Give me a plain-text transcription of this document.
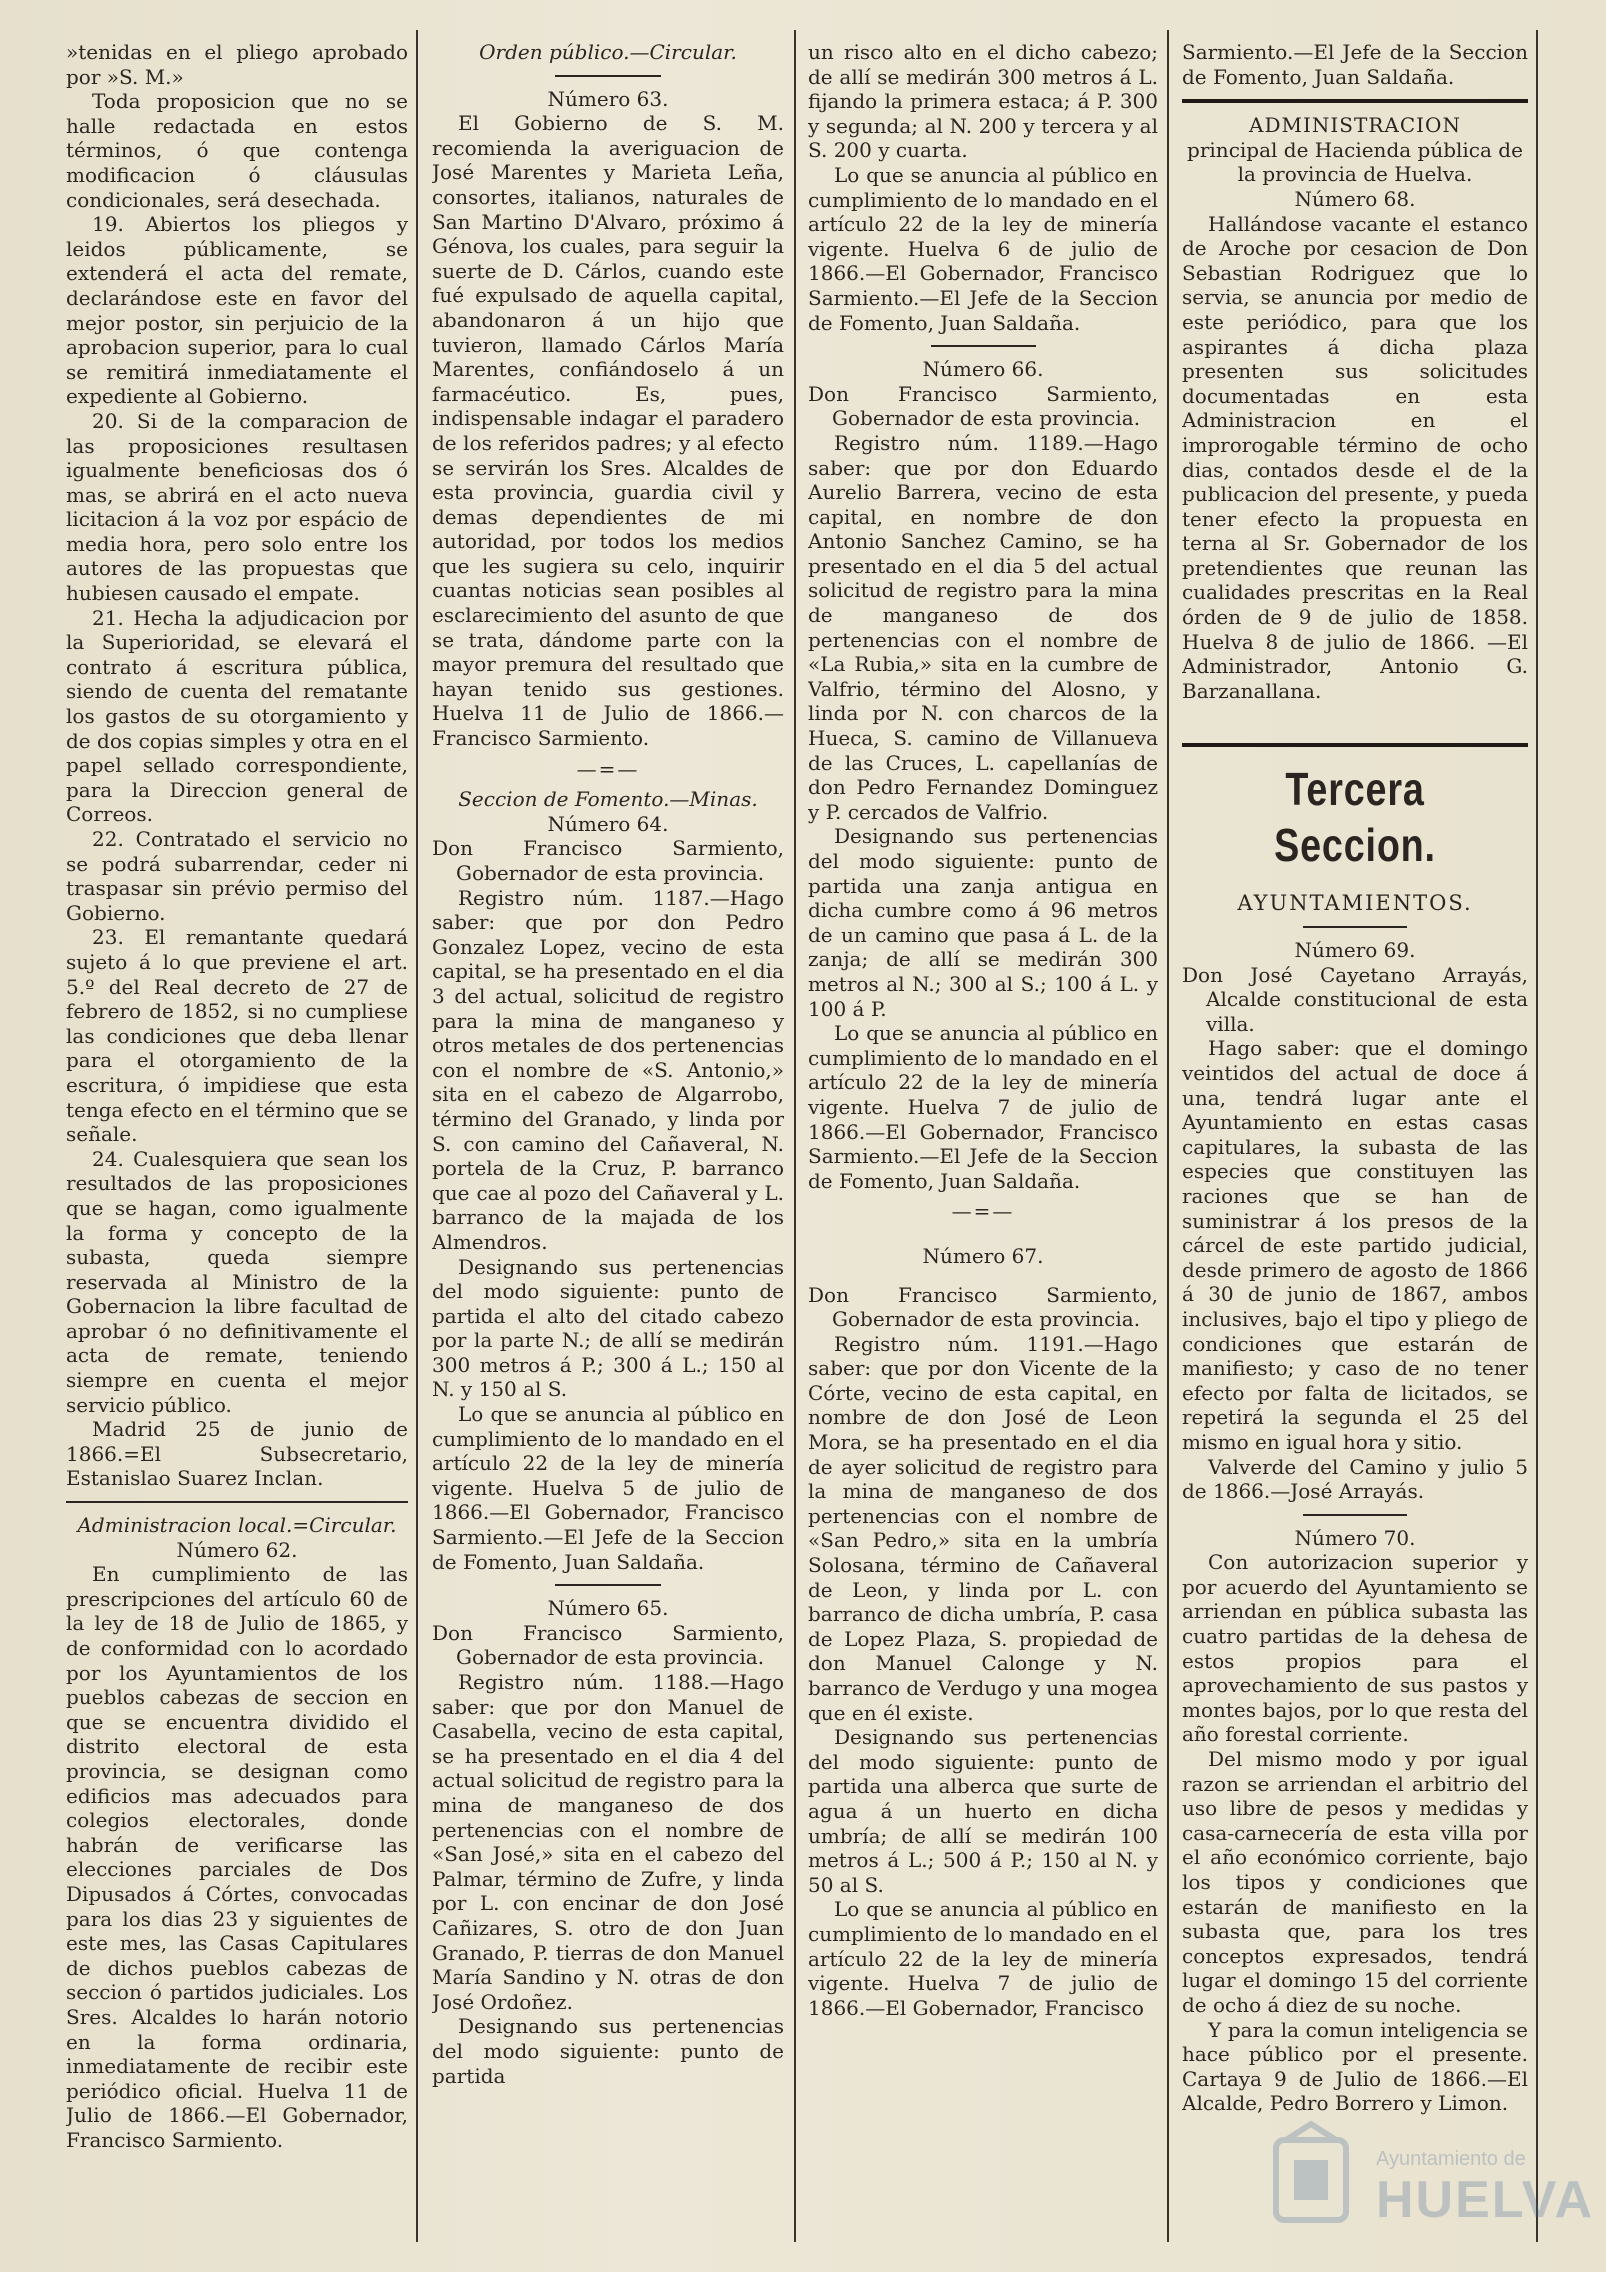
»tenidas en el pliego aprobado por »S. M.»

Toda proposicion que no se halle redactada en estos términos, ó que contenga modificacion ó cláusulas condicionales, será desechada.

19. Abiertos los pliegos y leidos públicamente, se extenderá el acta del remate, declarándose este en favor del mejor postor, sin perjuicio de la aprobacion superior, para lo cual se remitirá inmediatamente el expediente al Gobierno.

20. Si de la comparacion de las proposiciones resultasen igualmente beneficiosas dos ó mas, se abrirá en el acto nueva licitacion á la voz por espácio de media hora, pero solo entre los autores de las propuestas que hubiesen causado el empate.

21. Hecha la adjudicacion por la Superioridad, se elevará el contrato á escritura pública, siendo de cuenta del rematante los gastos de su otorgamiento y de dos copias simples y otra en el papel sellado correspondiente, para la Direccion general de Correos.

22. Contratado el servicio no se podrá subarrendar, ceder ni traspasar sin prévio permiso del Gobierno.

23. El remantante quedará sujeto á lo que previene el art. 5.º del Real decreto de 27 de febrero de 1852, si no cumpliese las condiciones que deba llenar para el otorgamiento de la escritura, ó impidiese que esta tenga efecto en el término que se señale.

24. Cualesquiera que sean los resultados de las proposiciones que se hagan, como igualmente la forma y concepto de la subasta, queda siempre reservada al Ministro de la Gobernacion la libre facultad de aprobar ó no definitivamente el acta de remate, teniendo siempre en cuenta el mejor servicio público.

Madrid 25 de junio de 1866.=El Subsecretario, Estanislao Suarez Inclan.

Administracion local.=Circular.

Número 62.

En cumplimiento de las prescripciones del artículo 60 de la ley de 18 de Julio de 1865, y de conformidad con lo acordado por los Ayuntamientos de los pueblos cabezas de seccion en que se encuentra dividido el distrito electoral de esta provincia, se designan como edificios mas adecuados para colegios electorales, donde habrán de verificarse las elecciones parciales de Dos Dipusados á Córtes, convocadas para los dias 23 y siguientes de este mes, las Casas Capitulares de dichos pueblos cabezas de seccion ó partidos judiciales. Los Sres. Alcaldes lo harán notorio en la forma ordinaria, inmediatamente de recibir este periódico oficial. Huelva 11 de Julio de 1866.—El Gobernador, Francisco Sarmiento.

Orden público.—Circular.

Número 63.

El Gobierno de S. M. recomienda la averiguacion de José Marentes y Marieta Leña, consortes, italianos, naturales de San Martino D'Alvaro, próximo á Génova, los cuales, para seguir la suerte de D. Cárlos, cuando este fué expulsado de aquella capital, abandonaron á un hijo que tuvieron, llamado Cárlos María Marentes, confiándoselo á un farmacéutico. Es, pues, indispensable indagar el paradero de los referidos padres; y al efecto se servirán los Sres. Alcaldes de esta provincia, guardia civil y demas dependientes de mi autoridad, por todos los medios que les sugiera su celo, inquirir cuantas noticias sean posibles al esclarecimiento del asunto de que se trata, dándome parte con la mayor premura del resultado que hayan tenido sus gestiones. Huelva 11 de Julio de 1866.—Francisco Sarmiento.

—=—

Seccion de Fomento.—Minas.

Número 64.

Don Francisco Sarmiento, Gobernador de esta provincia.

Registro núm. 1187.—Hago saber: que por don Pedro Gonzalez Lopez, vecino de esta capital, se ha presentado en el dia 3 del actual, solicitud de registro para la mina de manganeso y otros metales de dos pertenencias con el nombre de «S. Antonio,» sita en el cabezo de Algarrobo, término del Granado, y linda por S. con camino del Cañaveral, N. portela de la Cruz, P. barranco que cae al pozo del Cañaveral y L. barranco de la majada de los Almendros.

Designando sus pertenencias del modo siguiente: punto de partida el alto del citado cabezo por la parte N.; de allí se medirán 300 metros á P.; 300 á L.; 150 al N. y 150 al S.

Lo que se anuncia al público en cumplimiento de lo mandado en el artículo 22 de la ley de minería vigente. Huelva 5 de julio de 1866.—El Gobernador, Francisco Sarmiento.—El Jefe de la Seccion de Fomento, Juan Saldaña.

Número 65.

Don Francisco Sarmiento, Gobernador de esta provincia.

Registro núm. 1188.—Hago saber: que por don Manuel de Casabella, vecino de esta capital, se ha presentado en el dia 4 del actual solicitud de registro para la mina de manganeso de dos pertenencias con el nombre de «San José,» sita en el cabezo del Palmar, término de Zufre, y linda por L. con encinar de don José Cañizares, S. otro de don Juan Granado, P. tierras de don Manuel María Sandino y N. otras de don José Ordoñez.

Designando sus pertenencias del modo siguiente: punto de partida

un risco alto en el dicho cabezo; de allí se medirán 300 metros á L. fijando la primera estaca; á P. 300 y segunda; al N. 200 y tercera y al S. 200 y cuarta.

Lo que se anuncia al público en cumplimiento de lo mandado en el artículo 22 de la ley de minería vigente. Huelva 6 de julio de 1866.—El Gobernador, Francisco Sarmiento.—El Jefe de la Seccion de Fomento, Juan Saldaña.

Número 66.

Don Francisco Sarmiento, Gobernador de esta provincia.

Registro núm. 1189.—Hago saber: que por don Eduardo Aurelio Barrera, vecino de esta capital, en nombre de don Antonio Sanchez Camino, se ha presentado en el dia 5 del actual solicitud de registro para la mina de manganeso de dos pertenencias con el nombre de «La Rubia,» sita en la cumbre de Valfrio, término del Alosno, y linda por N. con charcos de la Hueca, S. camino de Villanueva de las Cruces, L. capellanías de don Pedro Fernandez Dominguez y P. cercados de Valfrio.

Designando sus pertenencias del modo siguiente: punto de partida una zanja antigua en dicha cumbre como á 96 metros de un camino que pasa á L. de la zanja; de allí se medirán 300 metros al N.; 300 al S.; 100 á L. y 100 á P.

Lo que se anuncia al público en cumplimiento de lo mandado en el artículo 22 de la ley de minería vigente. Huelva 7 de julio de 1866.—El Gobernador, Francisco Sarmiento.—El Jefe de la Seccion de Fomento, Juan Saldaña.

—=—

Número 67.

Don Francisco Sarmiento, Gobernador de esta provincia.

Registro núm. 1191.—Hago saber: que por don Vicente de la Córte, vecino de esta capital, en nombre de don José de Leon Mora, se ha presentado en el dia de ayer solicitud de registro para la mina de manganeso de dos pertenencias con el nombre de «San Pedro,» sita en la umbría Solosana, término de Cañaveral de Leon, y linda por L. con barranco de dicha umbría, P. casa de Lopez Plaza, S. propiedad de don Manuel Calonge y N. barranco de Verdugo y una mogea que en él existe.

Designando sus pertenencias del modo siguiente: punto de partida una alberca que surte de agua á un huerto en dicha umbría; de allí se medirán 100 metros á L.; 500 á P.; 150 al N. y 50 al S.

Lo que se anuncia al público en cumplimiento de lo mandado en el artículo 22 de la ley de minería vigente. Huelva 7 de julio de 1866.—El Gobernador, Francisco

Sarmiento.—El Jefe de la Seccion de Fomento, Juan Saldaña.

ADMINISTRACION

principal de Hacienda pública de la provincia de Huelva.

Número 68.

Hallándose vacante el estanco de Aroche por cesacion de Don Sebastian Rodriguez que lo servia, se anuncia por medio de este periódico, para que los aspirantes á dicha plaza presenten sus solicitudes documentadas en esta Administracion en el improrogable término de ocho dias, contados desde el de la publicacion del presente, y pueda tener efecto la propuesta en terna al Sr. Gobernador de los pretendientes que reunan las cualidades prescritas en la Real órden de 9 de julio de 1858. Huelva 8 de julio de 1866. —El Administrador, Antonio G. Barzanallana.

Tercera Seccion.

AYUNTAMIENTOS.

Número 69.

Don José Cayetano Arrayás, Alcalde constitucional de esta villa.

Hago saber: que el domingo veintidos del actual de doce á una, tendrá lugar ante el Ayuntamiento en estas casas capitulares, la subasta de las especies que constituyen las raciones que se han de suministrar á los presos de la cárcel de este partido judicial, desde primero de agosto de 1866 á 30 de junio de 1867, ambos inclusives, bajo el tipo y pliego de condiciones que estarán de manifiesto; y caso de no tener efecto por falta de licitados, se repetirá la segunda el 25 del mismo en igual hora y sitio.

Valverde del Camino y julio 5 de 1866.—José Arrayás.

Número 70.

Con autorizacion superior y por acuerdo del Ayuntamiento se arriendan en pública subasta las cuatro partidas de la dehesa de estos propios para el aprovechamiento de sus pastos y montes bajos, por lo que resta del año forestal corriente.

Del mismo modo y por igual razon se arriendan el arbitrio del uso libre de pesos y medidas y casa-carnecería de esta villa por el año económico corriente, bajo los tipos y condiciones que estarán de manifiesto en la subasta que, para los tres conceptos expresados, tendrá lugar el domingo 15 del corriente de ocho á diez de su noche.

Y para la comun inteligencia se hace público por el presente. Cartaya 9 de Julio de 1866.—El Alcalde, Pedro Borrero y Limon.

Ayuntamiento de
HUELVA
